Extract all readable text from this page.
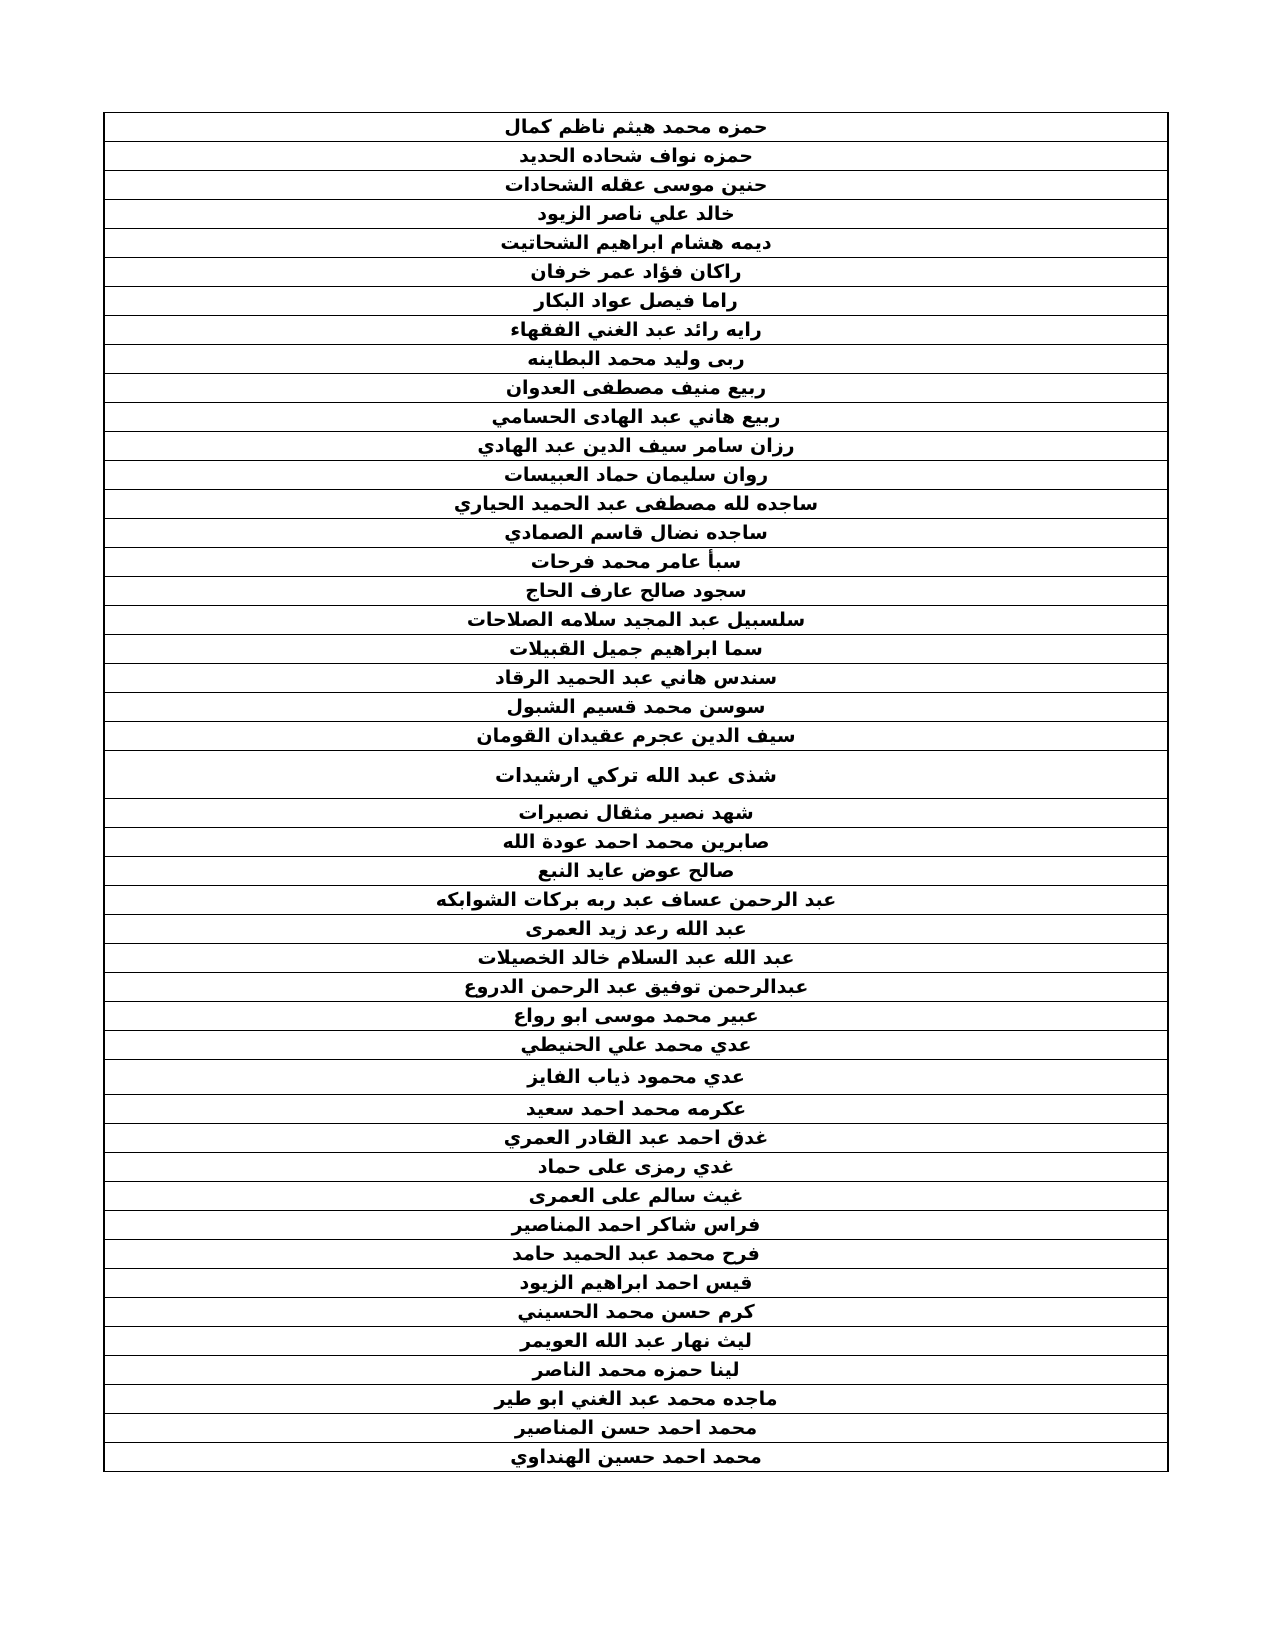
حمزه محمد هيثم ناظم كمال
حمزه نواف شحاده الحديد
حنين موسى عقله الشحادات
خالد علي ناصر الزيود
ديمه هشام ابراهيم الشحاتيت
راكان فؤاد عمر خرفان
راما فيصل عواد البكار
رايه رائد عبد الغني الفقهاء
ربى وليد محمد البطاينه
ربيع منيف مصطفى العدوان
ربيع هاني عبد الهادى الحسامي
رزان سامر سيف الدين عبد الهادي
روان سليمان حماد العبيسات
ساجده لله مصطفى عبد الحميد الحياري
ساجده نضال قاسم الصمادي
سبأ عامر محمد فرحات
سجود صالح عارف الحاج
سلسبيل عبد المجيد سلامه الصلاحات
سما ابراهيم جميل القبيلات
سندس هاني عبد الحميد الرقاد
سوسن محمد قسيم الشبول
سيف الدين عجرم عقيدان القومان
شذى عبد الله تركي ارشيدات
شهد نصير مثقال نصيرات
صابرين محمد احمد عودة الله
صالح عوض عايد النبع
عبد الرحمن عساف عبد ربه بركات الشوابكه
عبد الله رعد زيد العمرى
عبد الله عبد السلام خالد الخصيلات
عبدالرحمن توفيق عبد الرحمن الدروع
عبير محمد موسى ابو رواع
عدي محمد علي الحنيطي
عدي محمود ذياب الفايز
عكرمه محمد احمد سعيد
غدق احمد عبد القادر العمري
غدي رمزى على حماد
غيث سالم على العمرى
فراس شاكر احمد المناصير
فرح محمد عبد الحميد حامد
قيس احمد ابراهيم الزيود
كرم حسن محمد الحسيني
ليث نهار عبد الله العويمر
لينا حمزه محمد الناصر
ماجده محمد عبد الغني ابو طير
محمد احمد حسن المناصير
محمد احمد حسين الهنداوي
